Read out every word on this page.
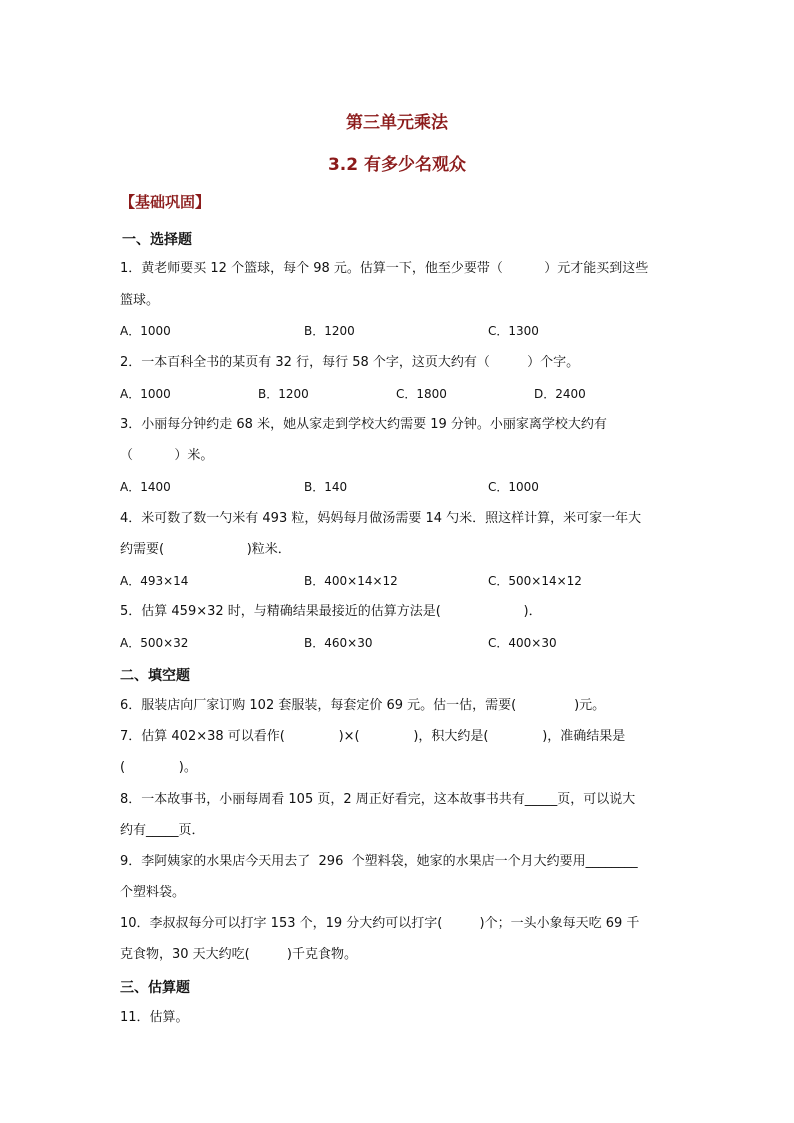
第三单元乘法
3.2 有多少名观众
【基础巩固】
一、选择题
1．黄老师要买 12 个篮球，每个 98 元。估算一下，他至少要带（          ）元才能买到这些
篮球。
A．1000	B．1200	C．1300
2．一本百科全书的某页有 32 行，每行 58 个字，这页大约有（         ）个字。
A．1000	B．1200	C．1800	D．2400
3．小丽每分钟约走 68 米，她从家走到学校大约需要 19 分钟。小丽家离学校大约有
（          ）米。
A．1400	B．140	C．1000
4．米可数了数一勺米有 493 粒，妈妈每月做汤需要 14 勺米．照这样计算，米可家一年大
约需要(                    )粒米．
A．493×14	B．400×14×12	C．500×14×12
5．估算 459×32 时，与精确结果最接近的估算方法是(                    )．
A．500×32	B．460×30	C．400×30
二、填空题
6．服装店向厂家订购 102 套服装，每套定价 69 元。估一估，需要(              )元。
7．估算 402×38 可以看作(             )×(             )，积大约是(             )，准确结果是
(             )。
8．一本故事书，小丽每周看 105 页，2 周正好看完，这本故事书共有_____页，可以说大
约有_____页．
9．李阿姨家的水果店今天用去了  296  个塑料袋，她家的水果店一个月大约要用________
个塑料袋。
10．李叔叔每分可以打字 153 个，19 分大约可以打字(         )个；一头小象每天吃 69 千
克食物，30 天大约吃(         )千克食物。
三、估算题
11．估算。
